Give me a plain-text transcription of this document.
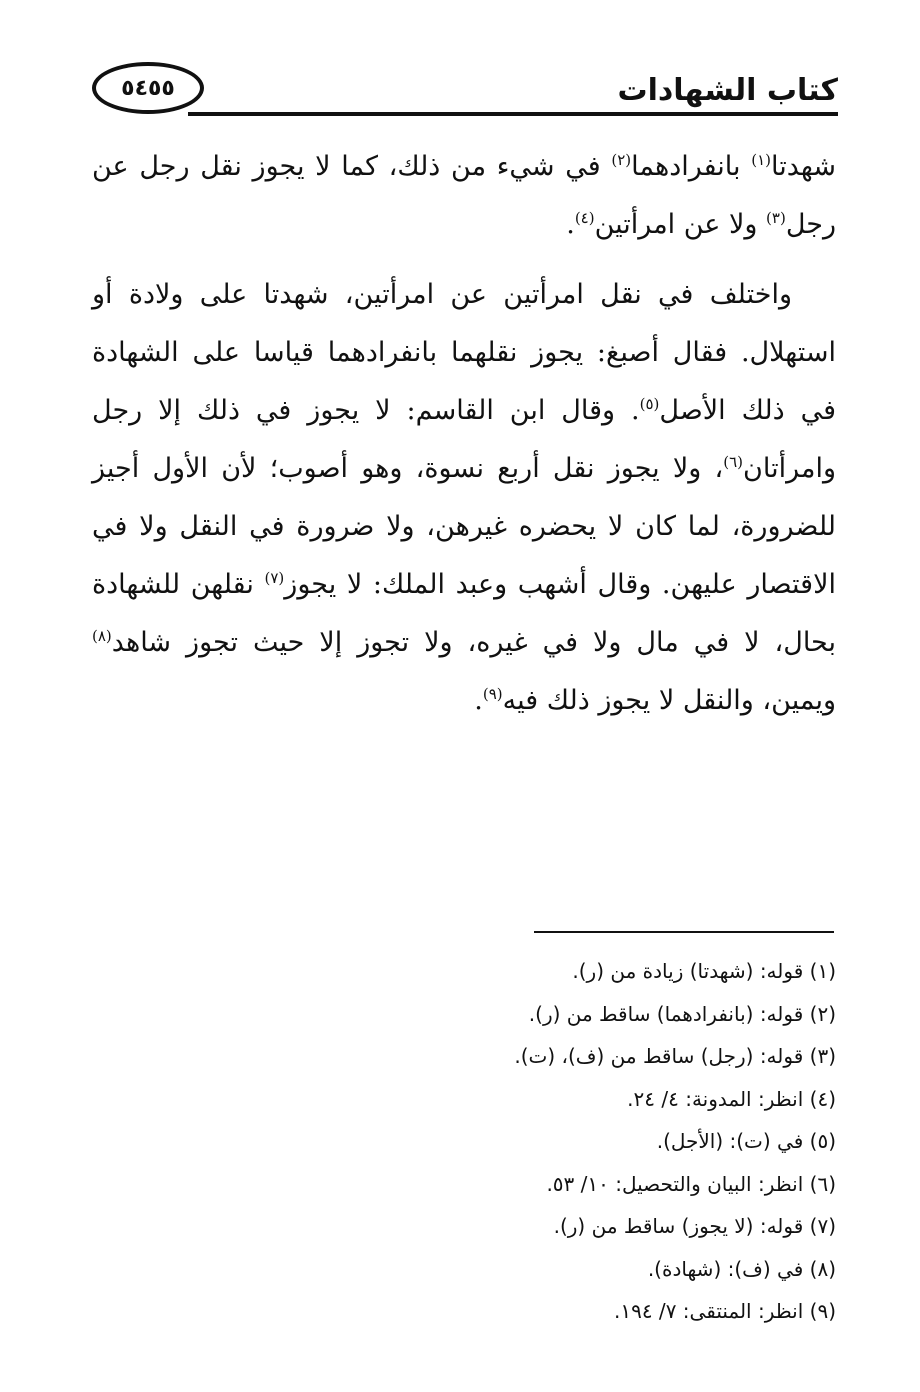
كتاب الشهادات
٥٤٥٥

شهدتا$^{(١)}$ بانفرادهما$^{(٢)}$ في شيء من ذلك، كما لا يجوز نقل رجل عن رجل$^{(٣)}$ ولا عن امرأتين$^{(٤)}$.

واختلف في نقل امرأتين عن امرأتين، شهدتا على ولادة أو استهلال. فقال أصبغ: يجوز نقلهما بانفرادهما قياسا على الشهادة في ذلك الأصل$^{(٥)}$. وقال ابن القاسم: لا يجوز في ذلك إلا رجل وامرأتان$^{(٦)}$، ولا يجوز نقل أربع نسوة، وهو أصوب؛ لأن الأول أجيز للضرورة، لما كان لا يحضره غيرهن، ولا ضرورة في النقل ولا في الاقتصار عليهن. وقال أشهب وعبد الملك: لا يجوز$^{(٧)}$ نقلهن للشهادة بحال، لا في مال ولا في غيره، ولا تجوز إلا حيث تجوز شاهد$^{(٨)}$ ويمين، والنقل لا يجوز ذلك فيه$^{(٩)}$.

(١) قوله: (شهدتا) زيادة من (ر).
(٢) قوله: (بانفرادهما) ساقط من (ر).
(٣) قوله: (رجل) ساقط من (ف)، (ت).
(٤) انظر: المدونة: ٤/ ٢٤.
(٥) في (ت): (الأجل).
(٦) انظر: البيان والتحصيل: ١٠/ ٥٣.
(٧) قوله: (لا يجوز) ساقط من (ر).
(٨) في (ف): (شهادة).
(٩) انظر: المنتقى: ٧/ ١٩٤.
